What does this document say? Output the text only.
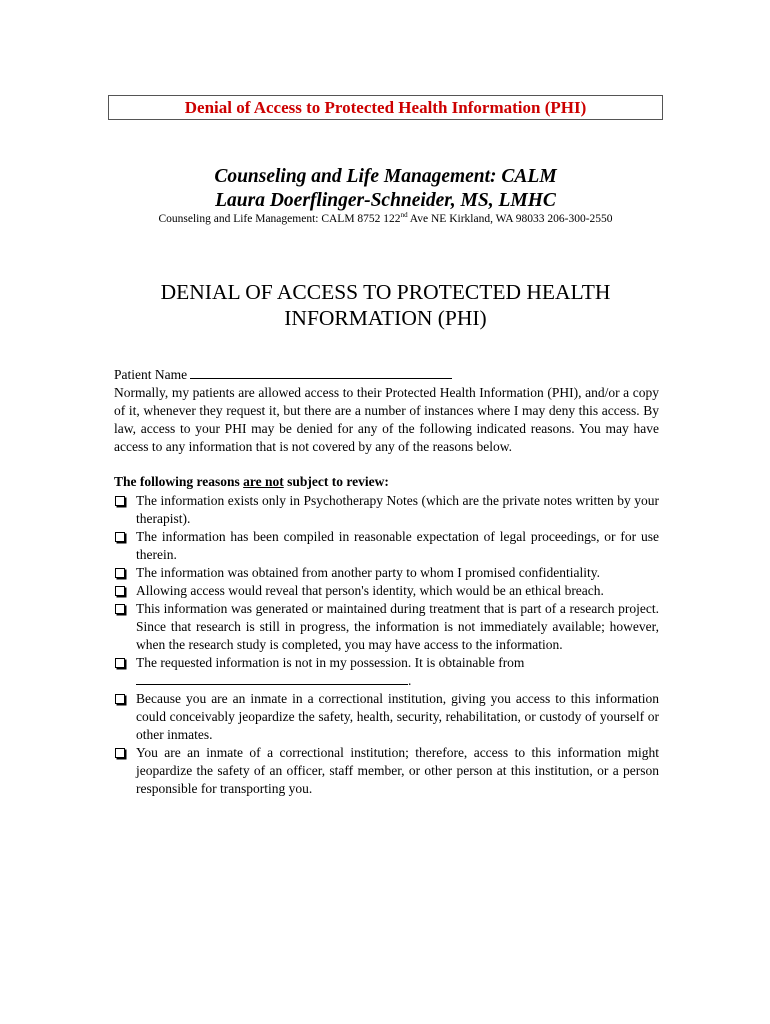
Denial of Access to Protected Health Information (PHI)
Counseling and Life Management: CALM
Laura Doerflinger-Schneider, MS, LMHC
Counseling and Life Management: CALM 8752 122nd Ave NE Kirkland, WA 98033 206-300-2550
DENIAL OF ACCESS TO PROTECTED HEALTH
INFORMATION (PHI)

Patient Name

Normally, my patients are allowed access to their Protected Health Information (PHI), and/or a copy of it, whenever they request it, but there are a number of instances where I may deny this access. By law, access to your PHI may be denied for any of the following indicated reasons. You may have access to any information that is not covered by any of the reasons below.

The following reasons are not subject to review:

The information exists only in Psychotherapy Notes (which are the private notes written by your therapist).
The information has been compiled in reasonable expectation of legal proceedings, or for use therein.
The information was obtained from another party to whom I promised confidentiality.
Allowing access would reveal that person's identity, which would be an ethical breach.
This information was generated or maintained during treatment that is part of a research project. Since that research is still in progress, the information is not immediately available; however, when the research study is completed, you may have access to the information.
The requested information is not in my possession. It is obtainable from
.
Because you are an inmate in a correctional institution, giving you access to this information could conceivably jeopardize the safety, health, security, rehabilitation, or custody of yourself or other inmates.
You are an inmate of a correctional institution; therefore, access to this information might jeopardize the safety of an officer, staff member, or other person at this institution, or a person responsible for transporting you.
